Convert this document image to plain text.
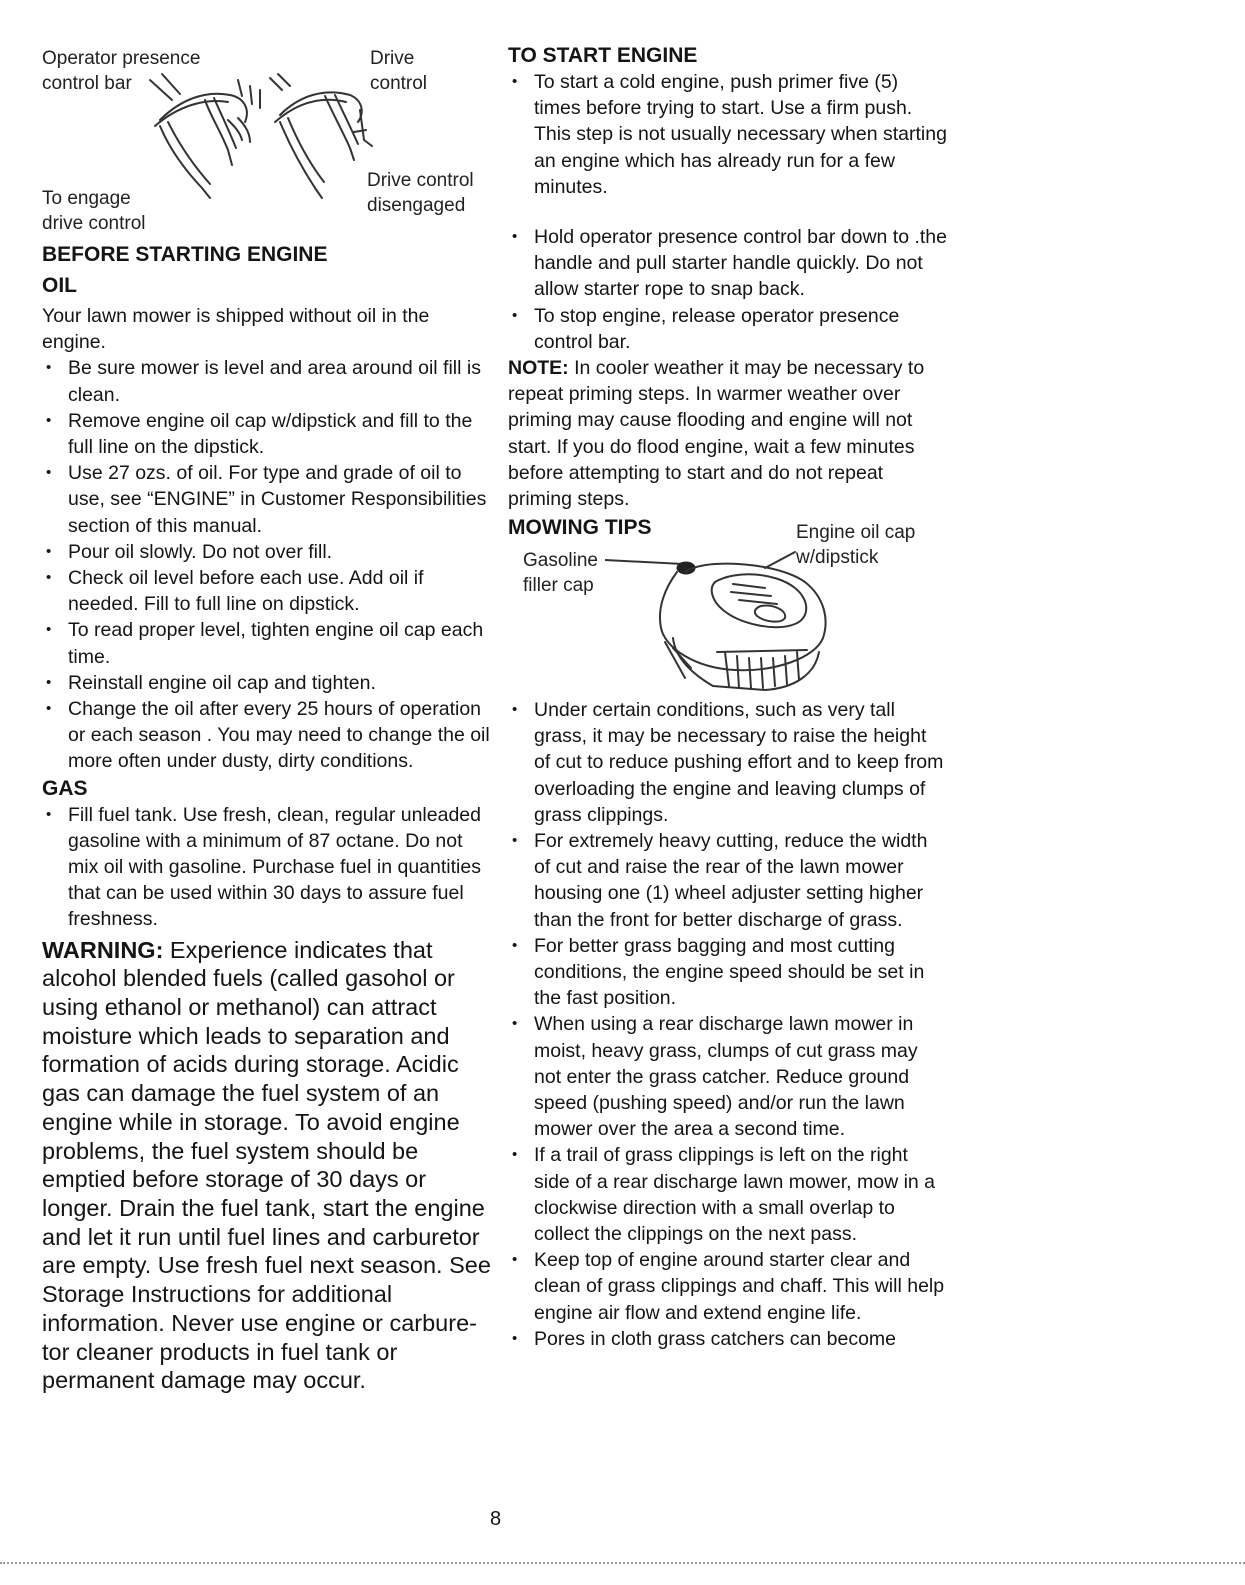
Operator presence
control bar
Drive
control
To engage
drive control
Drive control
disengaged
BEFORE STARTING ENGINE
OIL

Your lawn mower is shipped without oil in the engine.

• Be sure mower is level and area around oil fill is clean.
• Remove engine oil cap w/dipstick and fill to the full line on the dipstick.
• Use 27 ozs. of oil. For type and grade of oil to use, see “ENGINE” in Customer Responsibilities section of this manual.
• Pour oil slowly. Do not over fill.
• Check oil level before each use. Add oil if needed. Fill to full line on dipstick.
• To read proper level, tighten engine oil cap each time.
• Reinstall engine oil cap and tighten.
• Change the oil after every 25 hours of operation or each season . You may need to change the oil more often under dusty, dirty conditions.
GAS
• Fill fuel tank. Use fresh, clean, regular unleaded gasoline with a minimum of 87 octane. Do not mix oil with gasoline. Purchase fuel in quantities that can be used within 30 days to assure fuel freshness.

WARNING: Experience indicates that alcohol blended fuels (called gasohol or using ethanol or methanol) can attract moisture which leads to separation and formation of acids during storage. Acidic gas can damage the fuel system of an engine while in storage. To avoid engine problems, the fuel system should be emptied before storage of 30 days or longer. Drain the fuel tank, start the engine and let it run until fuel lines and carburetor are empty. Use fresh fuel next season. See Storage Instructions for additional information. Never use engine or carbure-tor cleaner products in fuel tank or permanent damage may occur.

TO START ENGINE
• To start a cold engine, push primer five (5) times before trying to start. Use a firm push. This step is not usually necessary when starting an engine which has already run for a few minutes.
• Hold operator presence control bar down to .the handle and pull starter handle quickly. Do not allow starter rope to snap back.
• To stop engine, release operator presence control bar.

NOTE: In cooler weather it may be necessary to repeat priming steps. In warmer weather over priming may cause flooding and engine will not start. If you do flood engine, wait a few minutes before attempting to start and do not repeat priming steps.

MOWING TIPS
Gasoline
filler cap
Engine oil cap
w/dipstick
• Under certain conditions, such as very tall grass, it may be necessary to raise the height of cut to reduce pushing effort and to keep from overloading the engine and leaving clumps of grass clippings.
• For extremely heavy cutting, reduce the width of cut and raise the rear of the lawn mower housing one (1) wheel adjuster setting higher than the front for better discharge of grass.
• For better grass bagging and most cutting conditions, the engine speed should be set in the fast position.
• When using a rear discharge lawn mower in moist, heavy grass, clumps of cut grass may not enter the grass catcher. Reduce ground speed (pushing speed) and/or run the lawn mower over the area a second time.
• If a trail of grass clippings is left on the right side of a rear discharge lawn mower, mow in a clockwise direction with a small overlap to collect the clippings on the next pass.
• Keep top of engine around starter clear and clean of grass clippings and chaff. This will help engine air flow and extend engine life.
• Pores in cloth grass catchers can become
8
